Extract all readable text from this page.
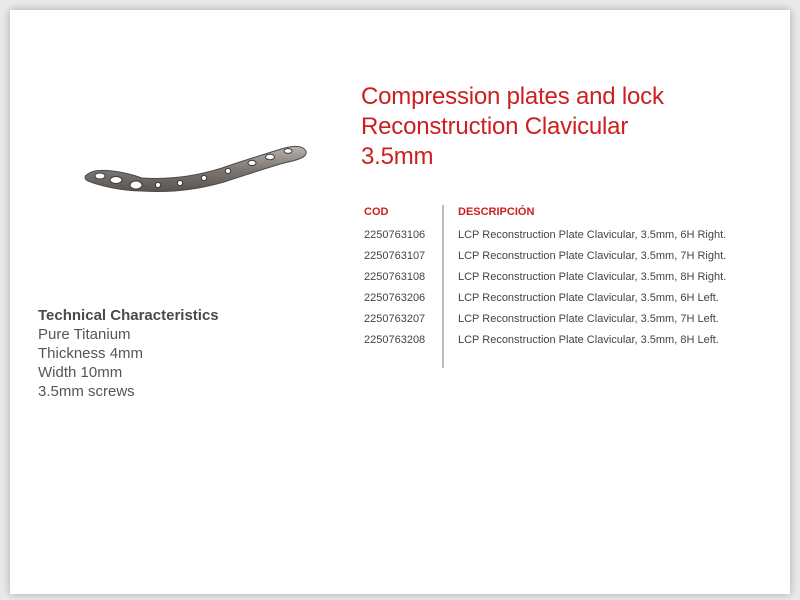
Technical Characteristics
Pure Titanium
Thickness 4mm
Width 10mm
3.5mm screws
Compression plates and lock
Reconstruction Clavicular
3.5mm
COD	DESCRIPCIÓN
2250763106	LCP Reconstruction Plate Clavicular, 3.5mm, 6H Right.
2250763107	LCP Reconstruction Plate Clavicular, 3.5mm, 7H Right.
2250763108	LCP Reconstruction Plate Clavicular, 3.5mm, 8H Right.
2250763206	LCP Reconstruction Plate Clavicular, 3.5mm, 6H Left.
2250763207	LCP Reconstruction Plate Clavicular, 3.5mm, 7H Left.
2250763208	LCP Reconstruction Plate Clavicular, 3.5mm, 8H Left.
